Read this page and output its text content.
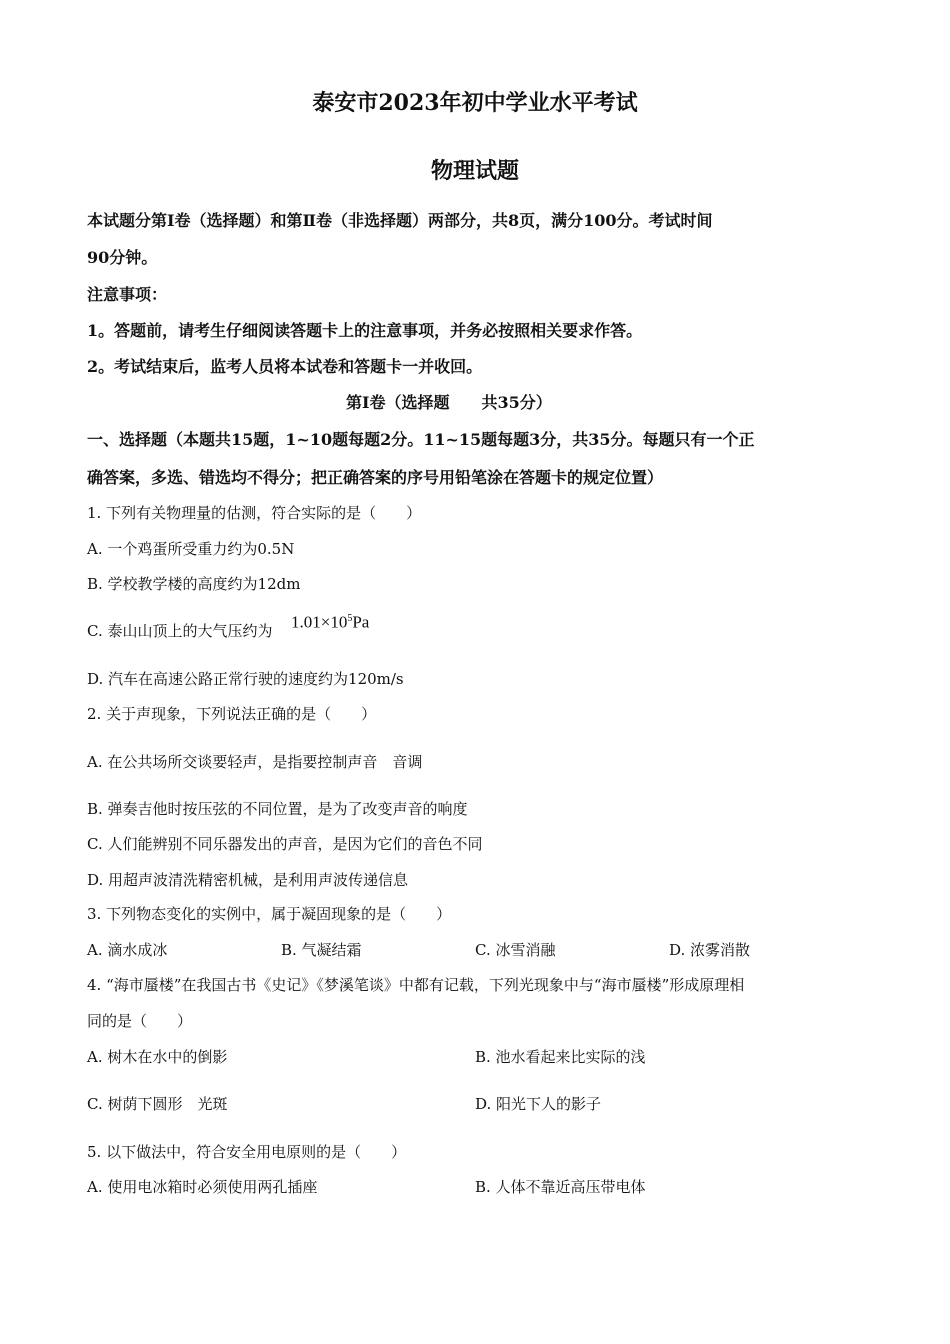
泰安市2023年初中学业水平考试
物理试题
本试题分第Ⅰ卷（选择题）和第Ⅱ卷（非选择题）两部分，共8页，满分100分。考试时间
90分钟。
注意事项：
1。答题前，请考生仔细阅读答题卡上的注意事项，并务必按照相关要求作答。
2。考试结束后，监考人员将本试卷和答题卡一并收回。
第Ⅰ卷（选择题　　共35分）
一、选择题（本题共15题，1~10题每题2分。11~15题每题3分，共35分。每题只有一个正
确答案，多选、错选均不得分；把正确答案的序号用铅笔涂在答题卡的规定位置）
1. 下列有关物理量的估测，符合实际的是（　　）
A. 一个鸡蛋所受重力约为0.5N
B. 学校教学楼的高度约为12dm
C. 泰山山顶上的大气压约为 $1.01\times 10^5Pa$
D. 汽车在高速公路正常行驶的速度约为120m/s
2. 关于声现象，下列说法正确的是（　　）
A. 在公共场所交谈要轻声，是指要控制声音　音调
B. 弹奏吉他时按压弦的不同位置，是为了改变声音的响度
C. 人们能辨别不同乐器发出的声音，是因为它们的音色不同
D. 用超声波清洗精密机械，是利用声波传递信息
3. 下列物态变化的实例中，属于凝固现象的是（　　）
A. 滴水成冰	B. 气凝结霜	C. 冰雪消融	D. 浓雾消散
4. “海市蜃楼”在我国古书《史记》《梦溪笔谈》中都有记载，下列光现象中与“海市蜃楼”形成原理相
同的是（　　）
A. 树木在水中的倒影	B. 池水看起来比实际的浅
C. 树荫下圆形　光斑	D. 阳光下人的影子
5. 以下做法中，符合安全用电原则的是（　　）
A. 使用电冰箱时必须使用两孔插座	B. 人体不靠近高压带电体
